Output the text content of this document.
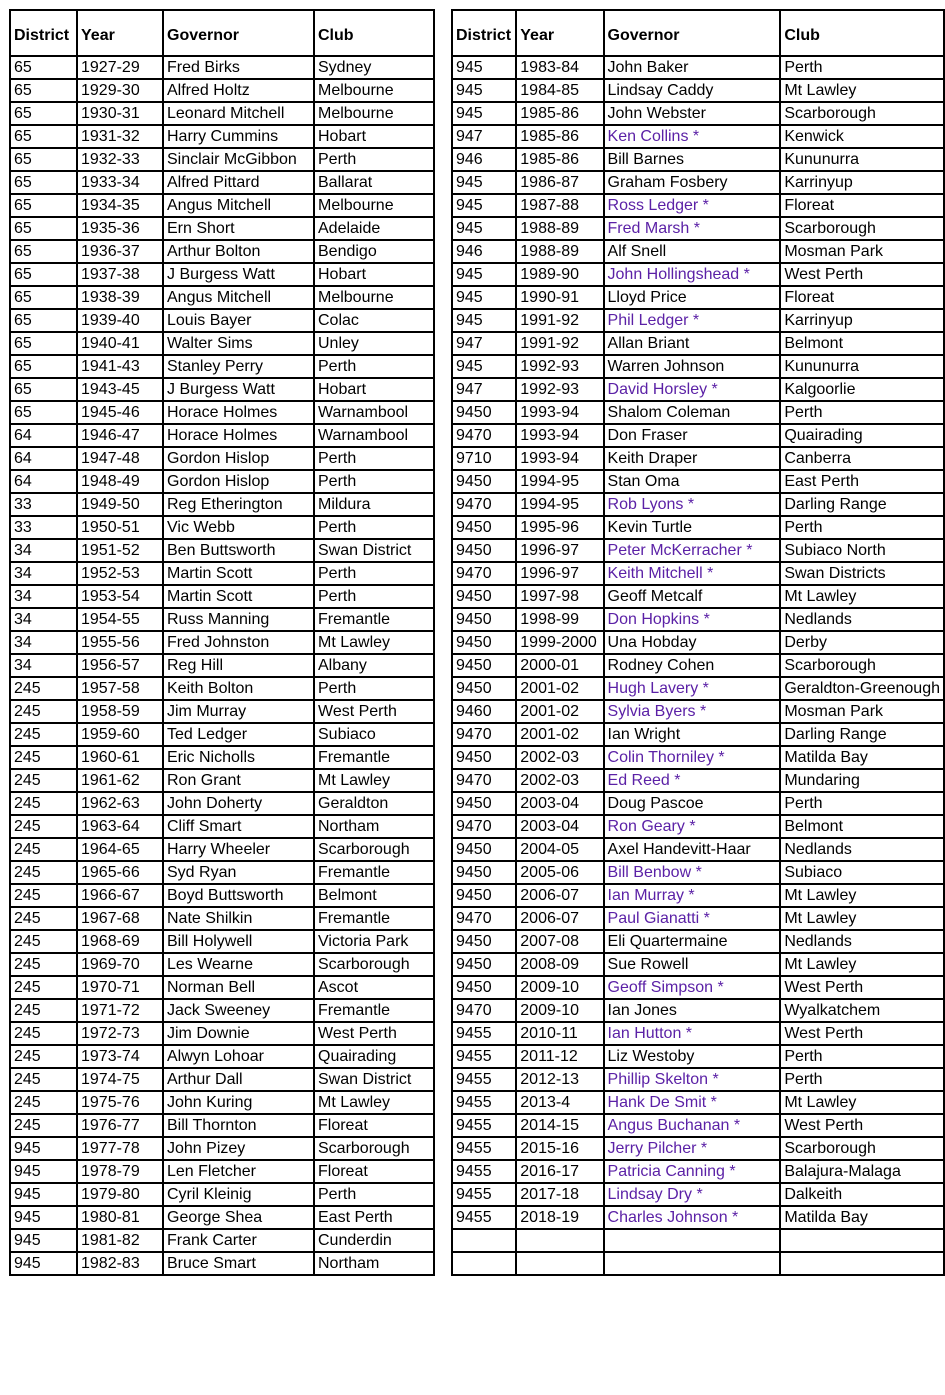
District	Year	Governor	Club
65	1927-29	Fred Birks	Sydney
65	1929-30	Alfred Holtz	Melbourne
65	1930-31	Leonard Mitchell	Melbourne
65	1931-32	Harry Cummins	Hobart
65	1932-33	Sinclair McGibbon	Perth
65	1933-34	Alfred Pittard	Ballarat
65	1934-35	Angus Mitchell	Melbourne
65	1935-36	Ern Short	Adelaide
65	1936-37	Arthur Bolton	Bendigo
65	1937-38	J Burgess Watt	Hobart
65	1938-39	Angus Mitchell	Melbourne
65	1939-40	Louis Bayer	Colac
65	1940-41	Walter Sims	Unley
65	1941-43	Stanley Perry	Perth
65	1943-45	J Burgess Watt	Hobart
65	1945-46	Horace Holmes	Warnambool
64	1946-47	Horace Holmes	Warnambool
64	1947-48	Gordon Hislop	Perth
64	1948-49	Gordon Hislop	Perth
33	1949-50	Reg Etherington	Mildura
33	1950-51	Vic Webb	Perth
34	1951-52	Ben Buttsworth	Swan District
34	1952-53	Martin Scott	Perth
34	1953-54	Martin Scott	Perth
34	1954-55	Russ Manning	Fremantle
34	1955-56	Fred Johnston	Mt Lawley
34	1956-57	Reg Hill	Albany
245	1957-58	Keith Bolton	Perth
245	1958-59	Jim Murray	West Perth
245	1959-60	Ted Ledger	Subiaco
245	1960-61	Eric Nicholls	Fremantle
245	1961-62	Ron Grant	Mt Lawley
245	1962-63	John Doherty	Geraldton
245	1963-64	Cliff Smart	Northam
245	1964-65	Harry Wheeler	Scarborough
245	1965-66	Syd Ryan	Fremantle
245	1966-67	Boyd Buttsworth	Belmont
245	1967-68	Nate Shilkin	Fremantle
245	1968-69	Bill Holywell	Victoria Park
245	1969-70	Les Wearne	Scarborough
245	1970-71	Norman Bell	Ascot
245	1971-72	Jack Sweeney	Fremantle
245	1972-73	Jim Downie	West Perth
245	1973-74	Alwyn Lohoar	Quairading
245	1974-75	Arthur Dall	Swan District
245	1975-76	John Kuring	Mt Lawley
245	1976-77	Bill Thornton	Floreat
945	1977-78	John Pizey	Scarborough
945	1978-79	Len Fletcher	Floreat
945	1979-80	Cyril Kleinig	Perth
945	1980-81	George Shea	East Perth
945	1981-82	Frank Carter	Cunderdin
945	1982-83	Bruce Smart	Northam
District	Year	Governor	Club
945	1983-84	John Baker	Perth
945	1984-85	Lindsay Caddy	Mt Lawley
945	1985-86	John Webster	Scarborough
947	1985-86	Ken Collins *	Kenwick
946	1985-86	Bill Barnes	Kununurra
945	1986-87	Graham Fosbery	Karrinyup
945	1987-88	Ross Ledger *	Floreat
945	1988-89	Fred Marsh *	Scarborough
946	1988-89	Alf Snell	Mosman Park
945	1989-90	John Hollingshead *	West Perth
945	1990-91	Lloyd Price	Floreat
945	1991-92	Phil Ledger *	Karrinyup
947	1991-92	Allan Briant	Belmont
945	1992-93	Warren Johnson	Kununurra
947	1992-93	David Horsley *	Kalgoorlie
9450	1993-94	Shalom Coleman	Perth
9470	1993-94	Don Fraser	Quairading
9710	1993-94	Keith Draper	Canberra
9450	1994-95	Stan Oma	East Perth
9470	1994-95	Rob Lyons *	Darling Range
9450	1995-96	Kevin Turtle	Perth
9450	1996-97	Peter McKerracher *	Subiaco North
9470	1996-97	Keith Mitchell *	Swan Districts
9450	1997-98	Geoff Metcalf	Mt Lawley
9450	1998-99	Don Hopkins *	Nedlands
9450	1999-2000	Una Hobday	Derby
9450	2000-01	Rodney Cohen	Scarborough
9450	2001-02	Hugh Lavery *	Geraldton-Greenough
9460	2001-02	Sylvia Byers *	Mosman Park
9470	2001-02	Ian Wright	Darling Range
9450	2002-03	Colin Thorniley *	Matilda Bay
9470	2002-03	Ed Reed *	Mundaring
9450	2003-04	Doug Pascoe	Perth
9470	2003-04	Ron Geary *	Belmont
9450	2004-05	Axel Handevitt-Haar	Nedlands
9450	2005-06	Bill Benbow *	Subiaco
9450	2006-07	Ian Murray *	Mt Lawley
9470	2006-07	Paul Gianatti *	Mt Lawley
9450	2007-08	Eli Quartermaine	Nedlands
9450	2008-09	Sue Rowell	Mt Lawley
9450	2009-10	Geoff Simpson *	West Perth
9470	2009-10	Ian Jones	Wyalkatchem
9455	2010-11	Ian Hutton *	West Perth
9455	2011-12	Liz Westoby	Perth
9455	2012-13	Phillip Skelton *	Perth
9455	2013-4	Hank De Smit *	Mt Lawley
9455	2014-15	Angus Buchanan *	West Perth
9455	2015-16	Jerry Pilcher *	Scarborough
9455	2016-17	Patricia Canning *	Balajura-Malaga
9455	2017-18	Lindsay Dry *	Dalkeith
9455	2018-19	Charles Johnson *	Matilda Bay
